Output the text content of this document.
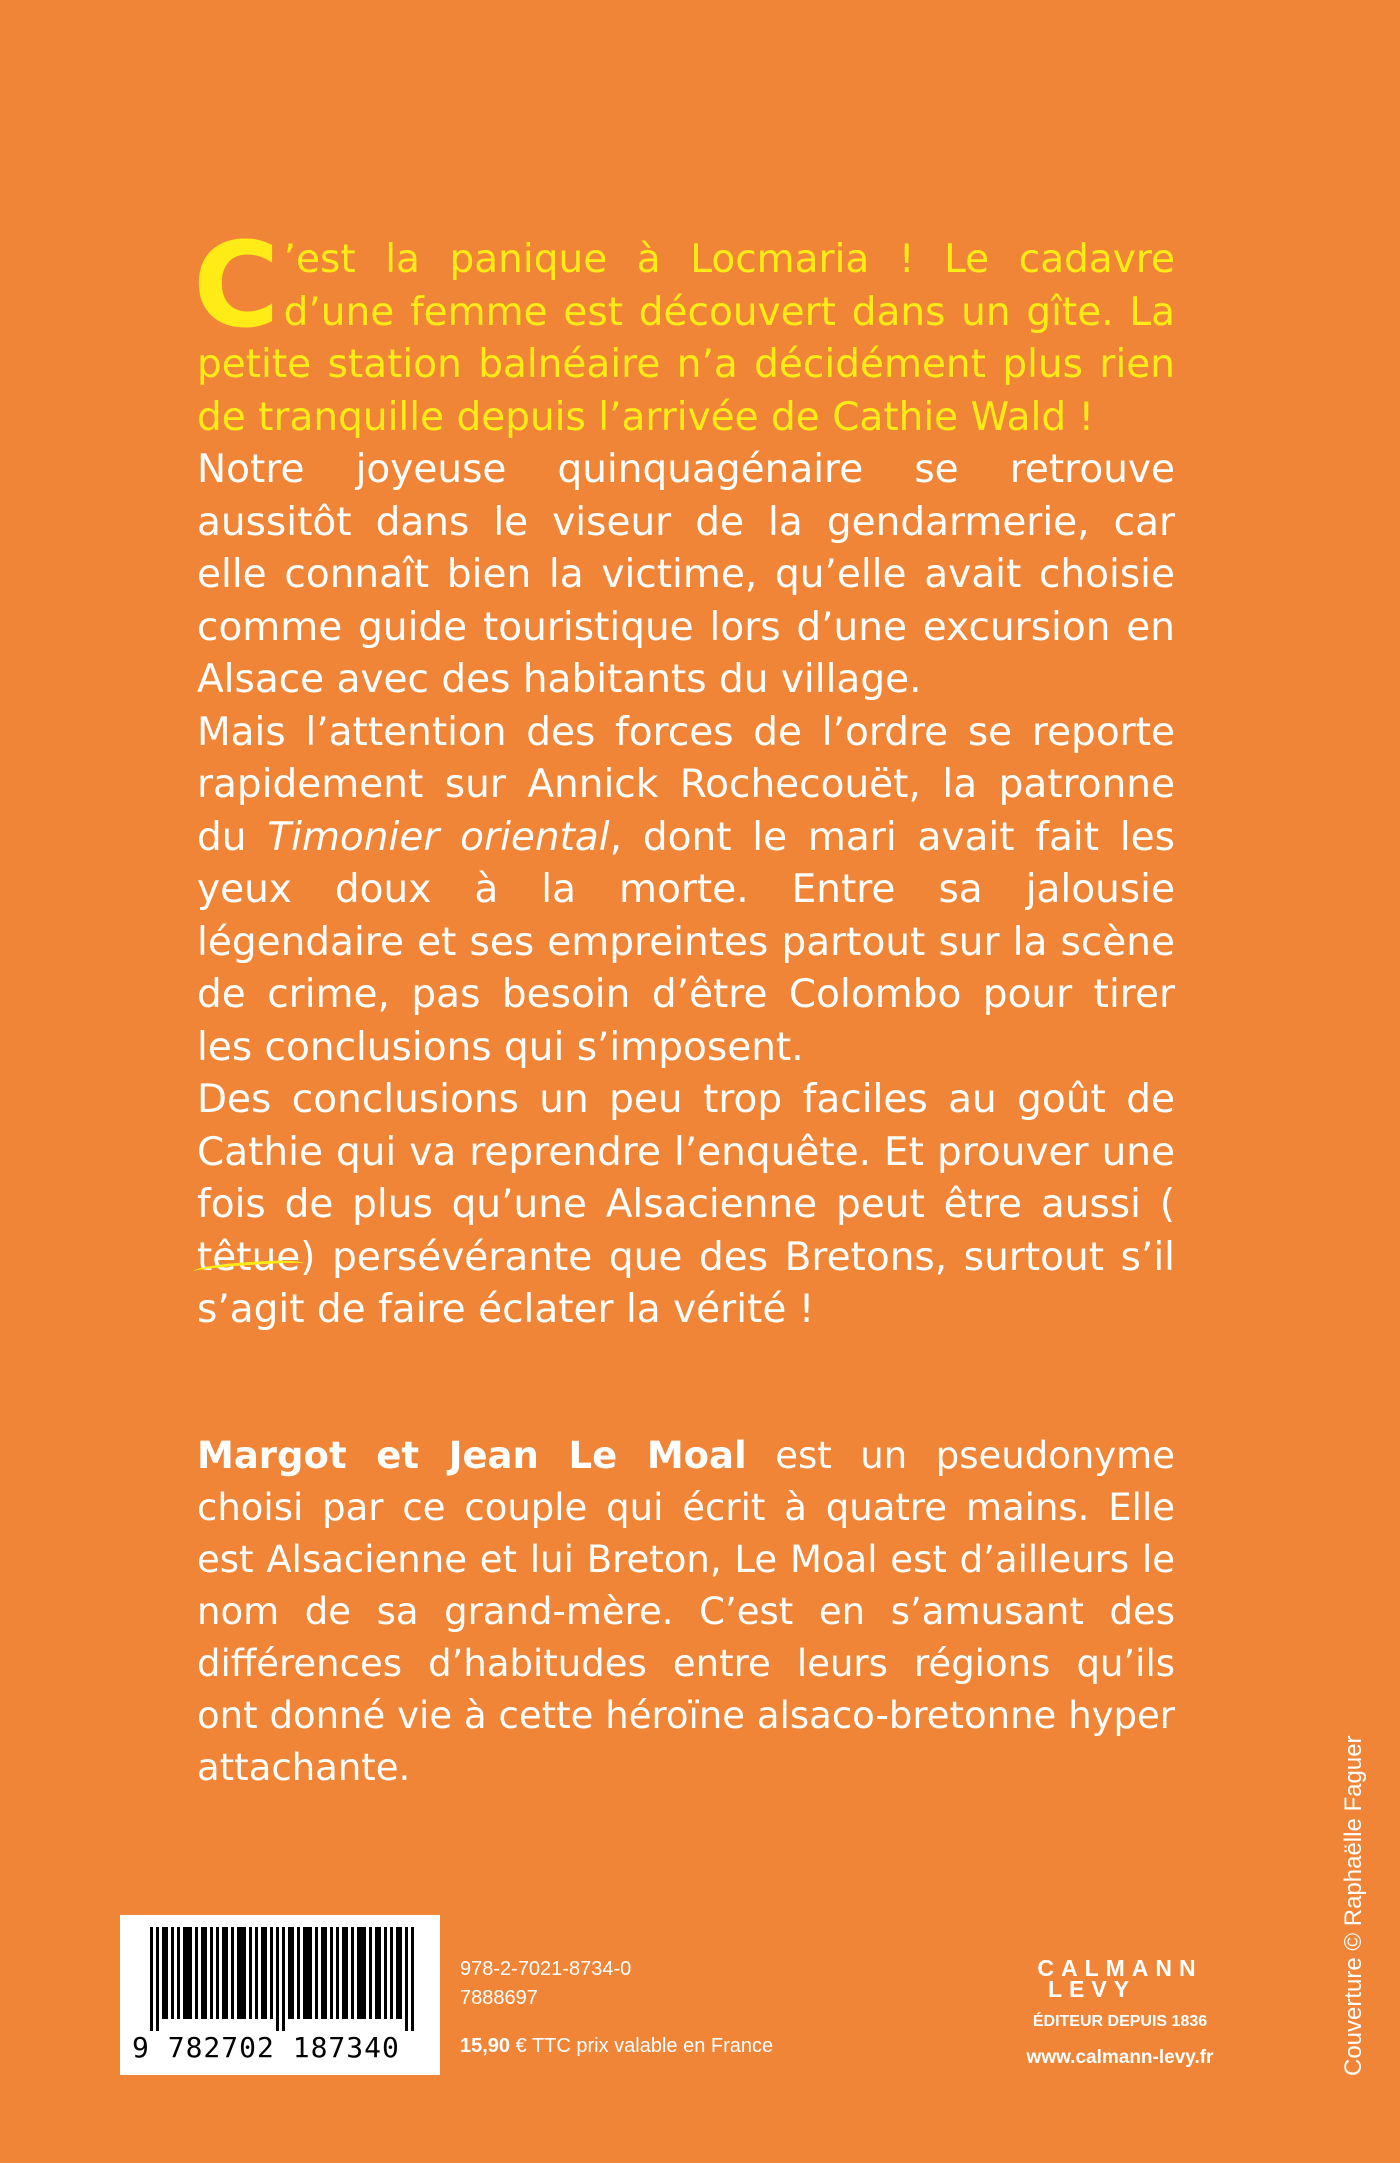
C ’est la panique à Locmaria ! Le cadavre d’une femme est découvert dans un gîte. La petite station balnéaire n’a décidément plus rien de tranquille depuis l’arrivée de Cathie Wald !

Notre joyeuse quinquagénaire se retrouve aussitôt dans le viseur de la gendarmerie, car elle connaît bien la victime, qu’elle avait choisie comme guide touristique lors d’une excursion en Alsace avec des habitants du village.

Mais l’attention des forces de l’ordre se reporte rapidement sur Annick Rochecouët, la patronne du Timonier oriental, dont le mari avait fait les yeux doux à la morte. Entre sa jalousie légendaire et ses empreintes partout sur la scène de crime, pas besoin d’être Colombo pour tirer les conclusions qui s’imposent.

Des conclusions un peu trop faciles au goût de Cathie qui va reprendre l’enquête. Et prouver une fois de plus qu’une Alsacienne peut être aussi (têtue
) persévérante que des Bretons, surtout s’il s’agit de faire éclater la vérité !

Margot et Jean Le Moal est un pseudonyme choisi par ce couple qui écrit à quatre mains. Elle est Alsacienne et lui Breton, Le Moal est d’ailleurs le nom de sa grand-mère. C’est en s’amusant des différences d’habitudes entre leurs régions qu’ils ont donné vie à cette héroïne alsaco-bretonne hyper attachante.

9 782702 187340
978-2-7021-8734-0
7888697
15,90 € TTC prix valable en France
CALMANN
LEVY
ÉDITEUR DEPUIS 1836
www.calmann-levy.fr	Couverture © Raphaëlle Faguer
